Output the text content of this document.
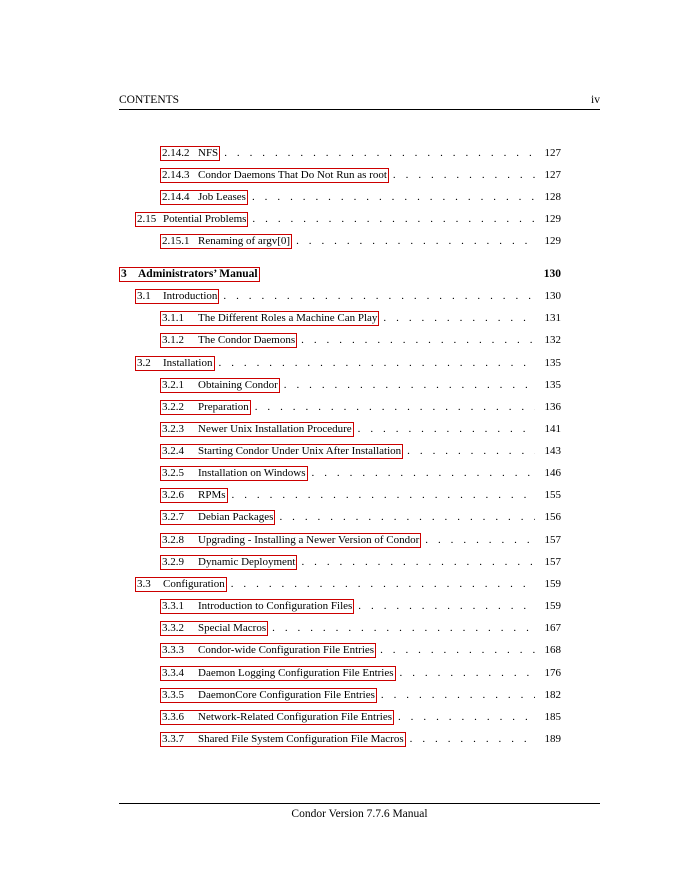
CONTENTS	iv
2.14.2 NFS . . .	127
2.14.3 Condor Daemons That Do Not Run as root . . .	127
2.14.4 Job Leases . . .	128
2.15 Potential Problems . . .	129
2.15.1 Renaming of argv[0] . . .	129
3 Administrators’ Manual	130
3.1	Introduction . . .	130
3.1.1	The Different Roles a Machine Can Play . . .	131
3.1.2	The Condor Daemons . . .	132
3.2	Installation . . .	135
3.2.1	Obtaining Condor . . .	135
3.2.2	Preparation . . .	136
3.2.3	Newer Unix Installation Procedure . . .	141
3.2.4	Starting Condor Under Unix After Installation . . .	143
3.2.5	Installation on Windows . . .	146
3.2.6	RPMs . . .	155
3.2.7	Debian Packages . . .	156
3.2.8	Upgrading - Installing a Newer Version of Condor . . .	157
3.2.9	Dynamic Deployment . . .	157
3.3	Configuration . . .	159
3.3.1	Introduction to Configuration Files . . .	159
3.3.2	Special Macros . . .	167
3.3.3	Condor-wide Configuration File Entries . . .	168
3.3.4	Daemon Logging Configuration File Entries . . .	176
3.3.5	DaemonCore Configuration File Entries . . .	182
3.3.6	Network-Related Configuration File Entries . . .	185
3.3.7	Shared File System Configuration File Macros . . .	189
Condor Version 7.7.6 Manual
